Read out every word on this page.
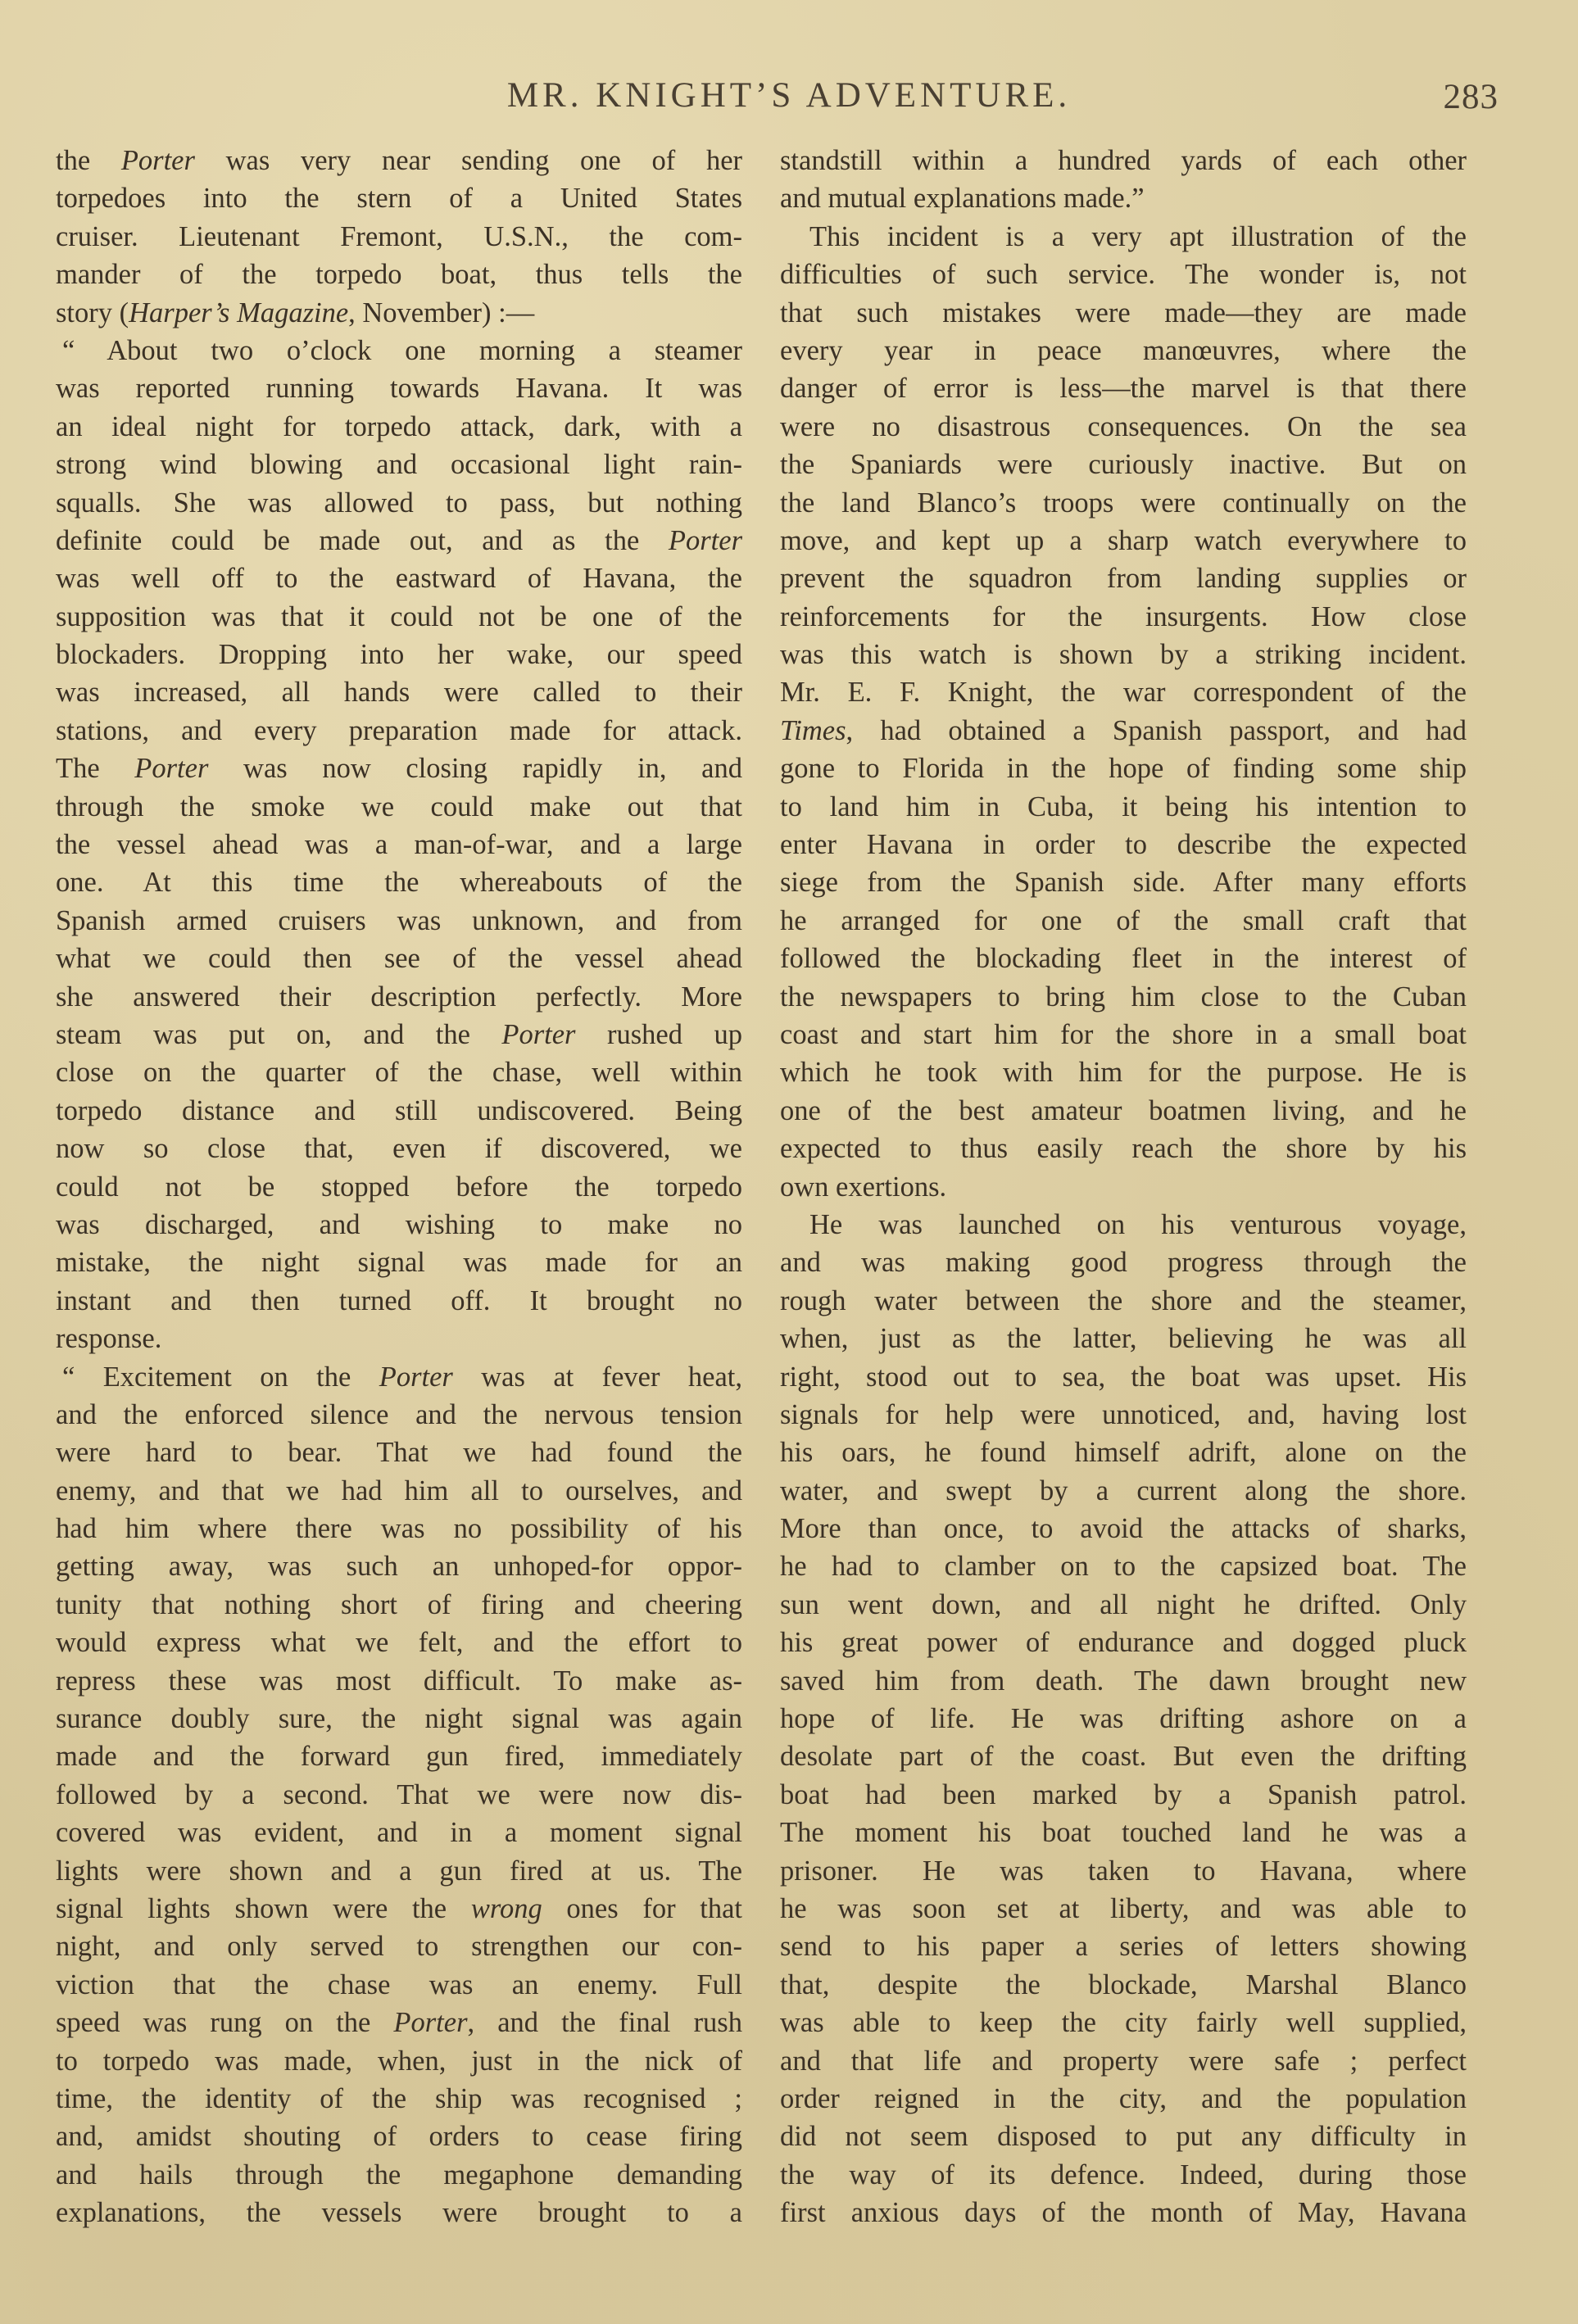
MR. KNIGHT’S ADVENTURE.	283
the Porter was very near sending one of her
torpedoes into the stern of a United States
cruiser. Lieutenant Fremont, U.S.N., the com-
mander of the torpedo boat, thus tells the
story (Harper’s Magazine, November) :—
“ About two o’clock one morning a steamer
was reported running towards Havana. It was
an ideal night for torpedo attack, dark, with a
strong wind blowing and occasional light rain-
squalls. She was allowed to pass, but nothing
definite could be made out, and as the Porter
was well off to the eastward of Havana, the
supposition was that it could not be one of the
blockaders. Dropping into her wake, our speed
was increased, all hands were called to their
stations, and every preparation made for attack.
The Porter was now closing rapidly in, and
through the smoke we could make out that
the vessel ahead was a man-of-war, and a large
one. At this time the whereabouts of the
Spanish armed cruisers was unknown, and from
what we could then see of the vessel ahead
she answered their description perfectly. More
steam was put on, and the Porter rushed up
close on the quarter of the chase, well within
torpedo distance and still undiscovered. Being
now so close that, even if discovered, we
could not be stopped before the torpedo
was discharged, and wishing to make no
mistake, the night signal was made for an
instant and then turned off. It brought no
response.
“ Excitement on the Porter was at fever heat,
and the enforced silence and the nervous tension
were hard to bear. That we had found the
enemy, and that we had him all to ourselves, and
had him where there was no possibility of his
getting away, was such an unhoped-for oppor-
tunity that nothing short of firing and cheering
would express what we felt, and the effort to
repress these was most difficult. To make as-
surance doubly sure, the night signal was again
made and the forward gun fired, immediately
followed by a second. That we were now dis-
covered was evident, and in a moment signal
lights were shown and a gun fired at us. The
signal lights shown were the wrong ones for that
night, and only served to strengthen our con-
viction that the chase was an enemy. Full
speed was rung on the Porter, and the final rush
to torpedo was made, when, just in the nick of
time, the identity of the ship was recognised ;
and, amidst shouting of orders to cease firing
and hails through the megaphone demanding
explanations, the vessels were brought to a
standstill within a hundred yards of each other
and mutual explanations made.”
This incident is a very apt illustration of the
difficulties of such service. The wonder is, not
that such mistakes were made—they are made
every year in peace manœuvres, where the
danger of error is less—the marvel is that there
were no disastrous consequences. On the sea
the Spaniards were curiously inactive. But on
the land Blanco’s troops were continually on the
move, and kept up a sharp watch everywhere to
prevent the squadron from landing supplies or
reinforcements for the insurgents. How close
was this watch is shown by a striking incident.
Mr. E. F. Knight, the war correspondent of the
Times, had obtained a Spanish passport, and had
gone to Florida in the hope of finding some ship
to land him in Cuba, it being his intention to
enter Havana in order to describe the expected
siege from the Spanish side. After many efforts
he arranged for one of the small craft that
followed the blockading fleet in the interest of
the newspapers to bring him close to the Cuban
coast and start him for the shore in a small boat
which he took with him for the purpose. He is
one of the best amateur boatmen living, and he
expected to thus easily reach the shore by his
own exertions.
He was launched on his venturous voyage,
and was making good progress through the
rough water between the shore and the steamer,
when, just as the latter, believing he was all
right, stood out to sea, the boat was upset. His
signals for help were unnoticed, and, having lost
his oars, he found himself adrift, alone on the
water, and swept by a current along the shore.
More than once, to avoid the attacks of sharks,
he had to clamber on to the capsized boat. The
sun went down, and all night he drifted. Only
his great power of endurance and dogged pluck
saved him from death. The dawn brought new
hope of life. He was drifting ashore on a
desolate part of the coast. But even the drifting
boat had been marked by a Spanish patrol.
The moment his boat touched land he was a
prisoner. He was taken to Havana, where
he was soon set at liberty, and was able to
send to his paper a series of letters showing
that, despite the blockade, Marshal Blanco
was able to keep the city fairly well supplied,
and that life and property were safe ; perfect
order reigned in the city, and the population
did not seem disposed to put any difficulty in
the way of its defence. Indeed, during those
first anxious days of the month of May, Havana
